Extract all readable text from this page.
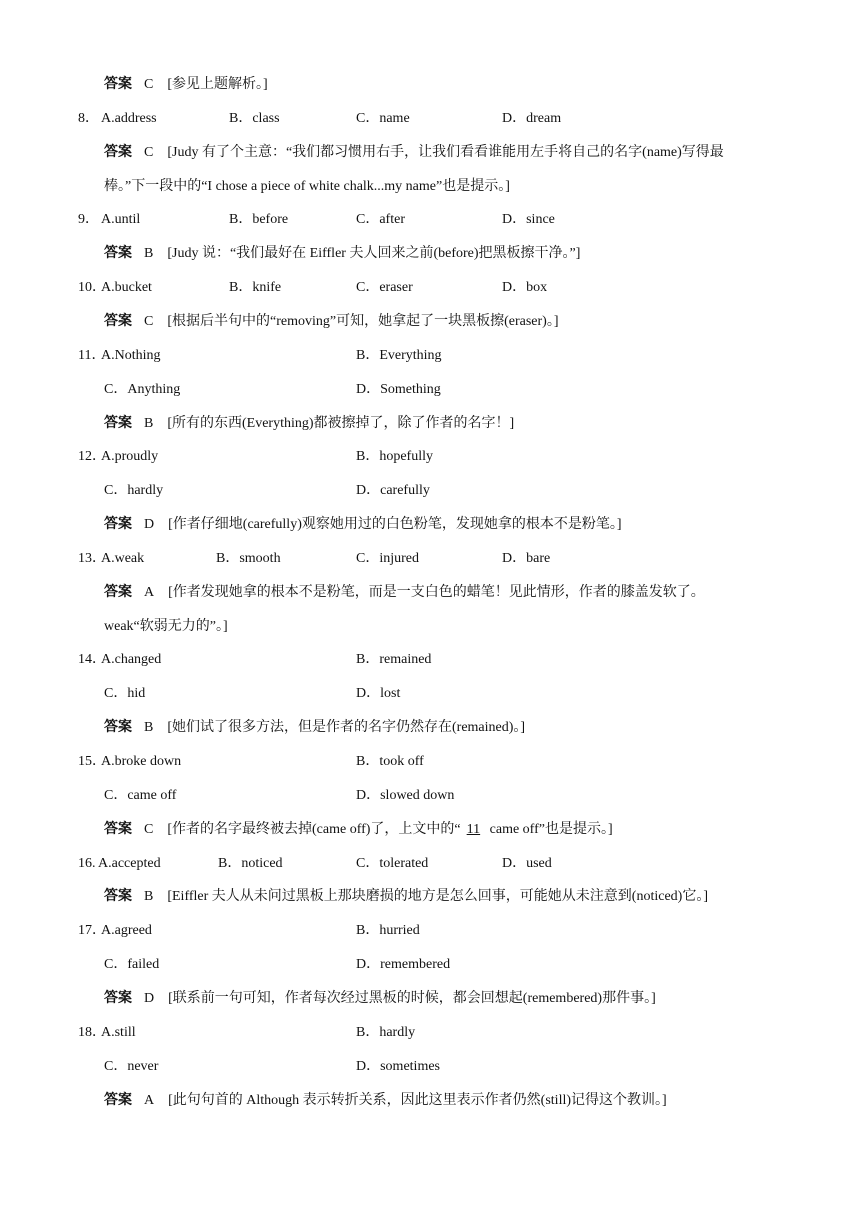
答案 C [参见上题解析。]
8． A.address	B．class	C．name	D．dream
答案 C [Judy 有了个主意：“我们都习惯用右手，让我们看看谁能用左手将自己的名字(name)写得最
棒。”下一段中的“I chose a piece of white chalk...my name”也是提示。]
9． A.until	B．before	C．after	D．since
答案 B [Judy 说：“我们最好在 Eiffler 夫人回来之前(before)把黑板擦干净。”]
10．
A.bucket	B．knife	C．eraser	D．box
答案 C [根据后半句中的“removing”可知，她拿起了一块黑板擦(eraser)。]
11．
A.Nothing	B．Everything
C．Anything	D．Something
答案 B [所有的东西(Everything)都被擦掉了，除了作者的名字！]
12．
A.proudly	B．hopefully
C．hardly	D．carefully
答案 D [作者仔细地(carefully)观察她用过的白色粉笔，发现她拿的根本不是粉笔。]
13．
A.weak	B．smooth	C．injured	D．bare
答案 A [作者发现她拿的根本不是粉笔，而是一支白色的蜡笔！见此情形，作者的膝盖发软了。
weak“软弱无力的”。]
14．
A.changed	B．remained
C．hid	D．lost
答案 B [她们试了很多方法，但是作者的名字仍然存在(remained)。]
15．
A.broke down	B．took off
C．came off	D．slowed down
答案 C [作者的名字最终被去掉(came off)了，上文中的“ 11 came off”也是提示。]
16. A.accepted	B．noticed	C．tolerated	D．used
答案 B [Eiffler 夫人从未问过黑板上那块磨损的地方是怎么回事，可能她从未注意到(noticed)它。]
17．
A.agreed	B．hurried
C．failed	D．remembered
答案 D [联系前一句可知，作者每次经过黑板的时候，都会回想起(remembered)那件事。]
18．
A.still	B．hardly
C．never	D．sometimes
答案 A [此句句首的 Although 表示转折关系，因此这里表示作者仍然(still)记得这个教训。]
